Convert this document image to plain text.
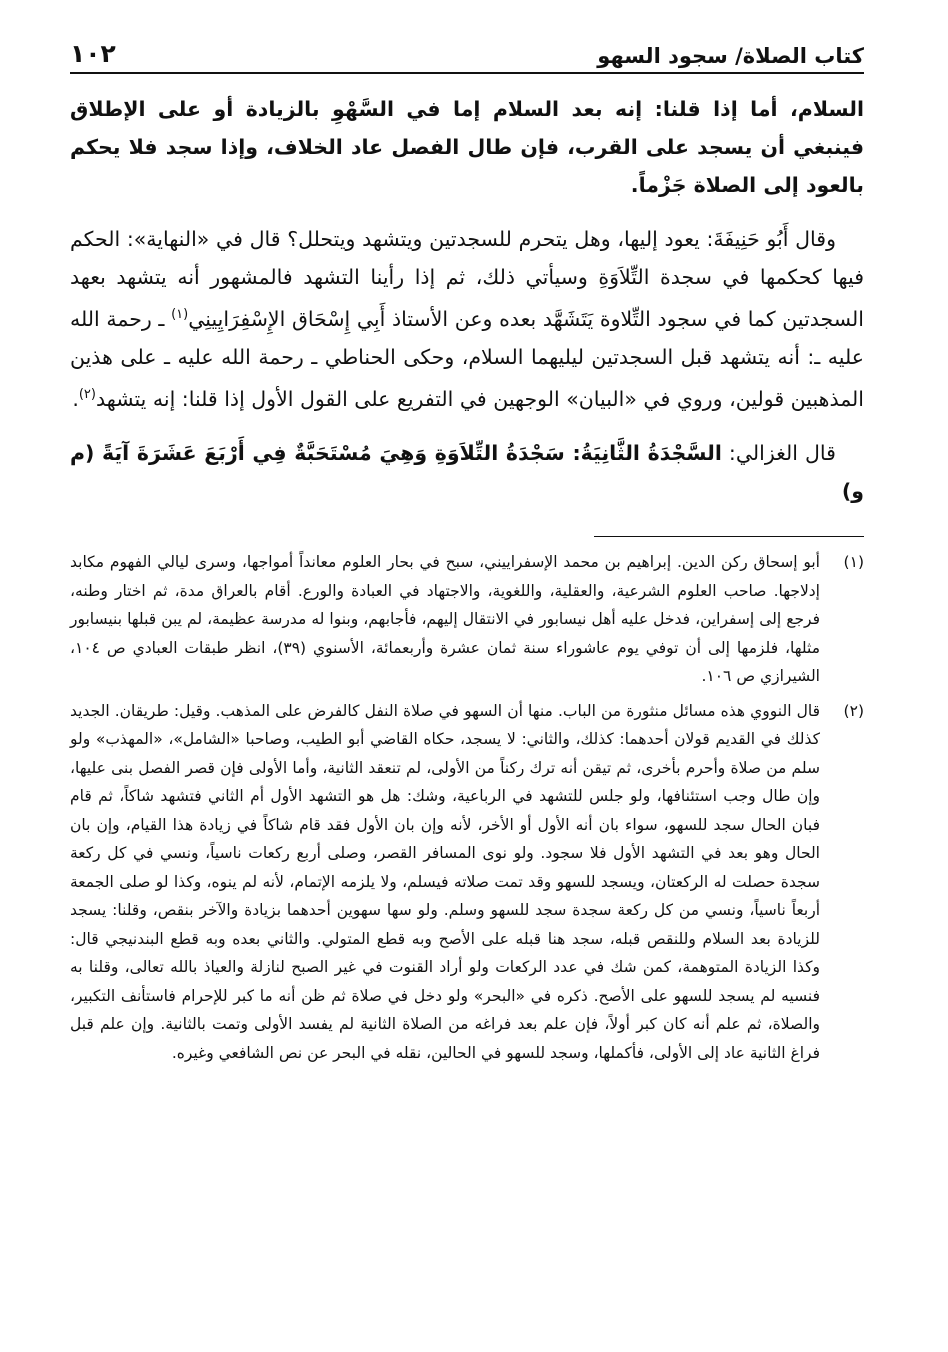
كتاب الصلاة/ سجود السهو
١٠٢

السلام، أما إذا قلنا: إنه بعد السلام إما في السَّهْوِ بالزيادة أو على الإطلاق فينبغي أن يسجد على القرب، فإن طال الفصل عاد الخلاف، وإذا سجد فلا يحكم بالعود إلى الصلاة جَزْماً.

وقال أَبُو حَنِيفَةَ: يعود إليها، وهل يتحرم للسجدتين ويتشهد ويتحلل؟ قال في «النهاية»: الحكم فيها كحكمها في سجدة التِّلاَوَةِ وسيأتي ذلك، ثم إذا رأينا التشهد فالمشهور أنه يتشهد بعهد السجدتين كما في سجود التِّلاوة يَتَشَهَّد بعده وعن الأستاذ أَبِي إِسْحَاق الإِسْفِرَايِينِي$^{(١)}$ ـ رحمة الله عليه ـ: أنه يتشهد قبل السجدتين ليليهما السلام، وحكى الحناطي ـ رحمة الله عليه ـ على هذين المذهبين قولين، وروي في «البيان» الوجهين في التفريع على القول الأول إذا قلنا: إنه يتشهد$^{(٢)}$.

قال الغزالي: السَّجْدَةُ الثَّانِيَةُ: سَجْدَةُ التِّلاَوَةِ وَهِيَ مُسْتَحَبَّةٌ فِي أَرْبَعَ عَشَرَةَ آيَةً (م و)

(١)
أبو إسحاق ركن الدين. إبراهيم بن محمد الإسفراييني، سبح في بحار العلوم معانداً أمواجها، وسرى ليالي الفهوم مكابد إدلاجها. صاحب العلوم الشرعية، والعقلية، واللغوية، والاجتهاد في العبادة والورع. أقام بالعراق مدة، ثم اختار وطنه، فرجع إلى إسفراين، فدخل عليه أهل نيسابور في الانتقال إليهم، فأجابهم، وبنوا له مدرسة عظيمة، لم يبن قبلها بنيسابور مثلها، فلزمها إلى أن توفي يوم عاشوراء سنة ثمان عشرة وأربعمائة، الأسنوي (٣٩)، انظر طبقات العبادي ص ١٠٤، الشيرازي ص ١٠٦.
(٢)
قال النووي هذه مسائل منثورة من الباب. منها أن السهو في صلاة النفل كالفرض على المذهب. وقيل: طريقان. الجديد كذلك في القديم قولان أحدهما: كذلك، والثاني: لا يسجد، حكاه القاضي أبو الطيب، وصاحبا «الشامل»، «المهذب» ولو سلم من صلاة وأحرم بأخرى، ثم تيقن أنه ترك ركناً من الأولى، لم تنعقد الثانية، وأما الأولى فإن قصر الفصل بنى عليها، وإن طال وجب استئنافها، ولو جلس للتشهد في الرباعية، وشك: هل هو التشهد الأول أم الثاني فتشهد شاكاً، ثم قام فبان الحال سجد للسهو، سواء بان أنه الأول أو الأخر، لأنه وإن بان الأول فقد قام شاكاً في زيادة هذا القيام، وإن بان الحال وهو بعد في التشهد الأول فلا سجود. ولو نوى المسافر القصر، وصلى أربع ركعات ناسياً، ونسي في كل ركعة سجدة حصلت له الركعتان، ويسجد للسهو وقد تمت صلاته فيسلم، ولا يلزمه الإتمام، لأنه لم ينوه، وكذا لو صلى الجمعة أربعاً ناسياً، ونسي من كل ركعة سجدة سجد للسهو وسلم. ولو سها سهوين أحدهما بزيادة والآخر بنقص، وقلنا: يسجد للزيادة بعد السلام وللنقص قبله، سجد هنا قبله على الأصح وبه قطع المتولي. والثاني بعده وبه قطع البندنيجي قال: وكذا الزيادة المتوهمة، كمن شك في عدد الركعات ولو أراد القنوت في غير الصبح لنازلة والعياذ بالله تعالى، وقلنا به فنسيه لم يسجد للسهو على الأصح. ذكره في «البحر» ولو دخل في صلاة ثم ظن أنه ما كبر للإحرام فاستأنف التكبير، والصلاة، ثم علم أنه كان كبر أولاً، فإن علم بعد فراغه من الصلاة الثانية لم يفسد الأولى وتمت بالثانية. وإن علم قبل فراغ الثانية عاد إلى الأولى، فأكملها، وسجد للسهو في الحالين، نقله في البحر عن نص الشافعي وغيره.
